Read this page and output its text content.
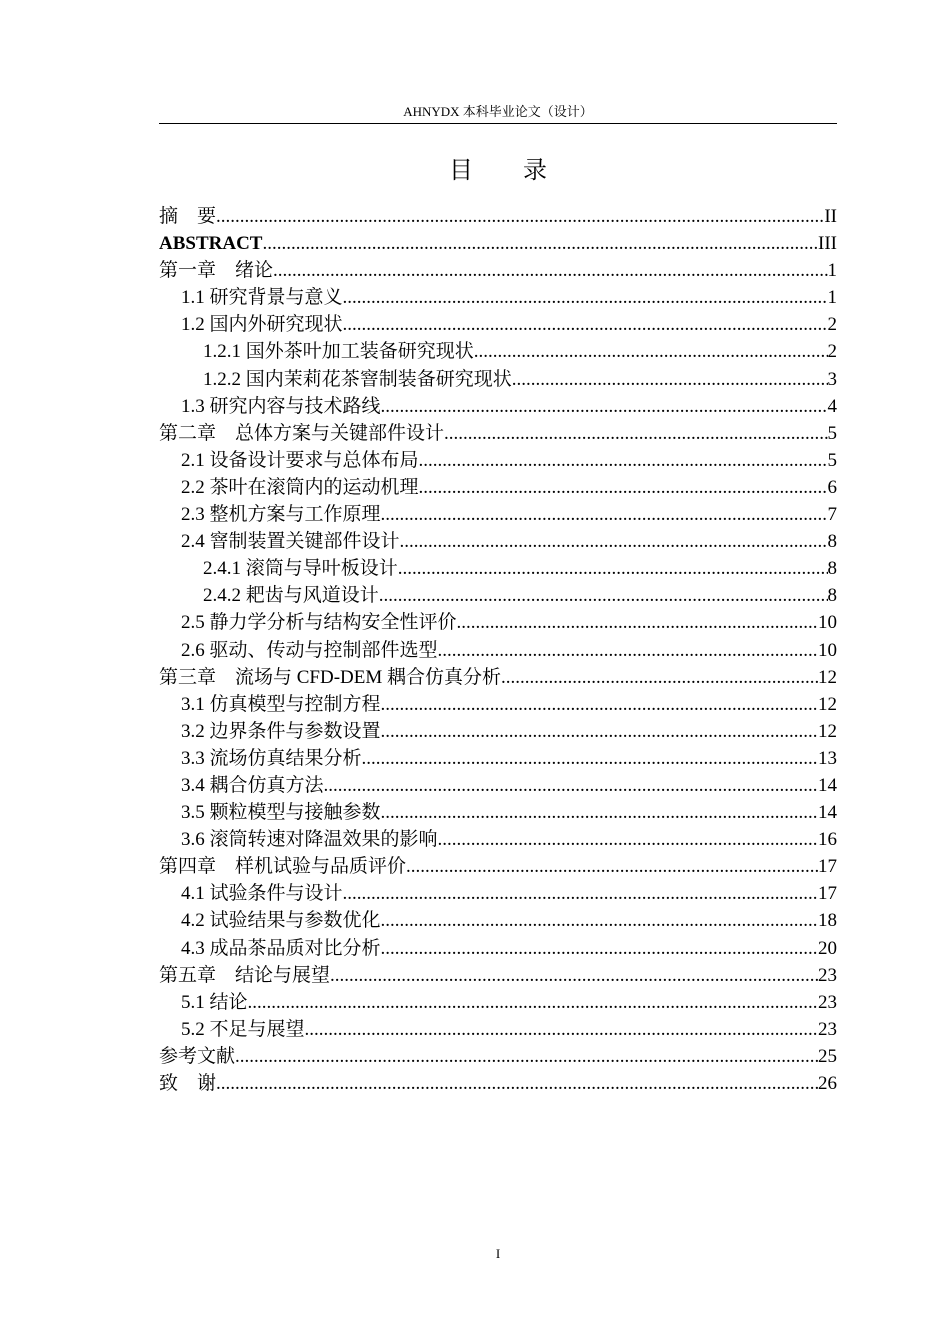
AHNYDX 本科毕业论文（设计）
目 录
摘　要 .....	II
ABSTRACT .....	III
第一章　绪论 .....	1
1.1 研究背景与意义 .....	1
1.2 国内外研究现状 .....	2
1.2.1 国外茶叶加工装备研究现状 .....	2
1.2.2 国内茉莉花茶窨制装备研究现状 .....	3
1.3 研究内容与技术路线 .....	4
第二章　总体方案与关键部件设计 .....	5
2.1 设备设计要求与总体布局 .....	5
2.2 茶叶在滚筒内的运动机理 .....	6
2.3 整机方案与工作原理 .....	7
2.4 窨制装置关键部件设计 .....	8
2.4.1 滚筒与导叶板设计 .....	8
2.4.2 耙齿与风道设计 .....	8
2.5 静力学分析与结构安全性评价 .....	10
2.6 驱动、传动与控制部件选型 .....	10
第三章　流场与 CFD-DEM 耦合仿真分析 .....	12
3.1 仿真模型与控制方程 .....	12
3.2 边界条件与参数设置 .....	12
3.3 流场仿真结果分析 .....	13
3.4 耦合仿真方法 .....	14
3.5 颗粒模型与接触参数 .....	14
3.6 滚筒转速对降温效果的影响 .....	16
第四章　样机试验与品质评价 .....	17
4.1 试验条件与设计 .....	17
4.2 试验结果与参数优化 .....	18
4.3 成品茶品质对比分析 .....	20
第五章　结论与展望 .....	23
5.1 结论 .....	23
5.2 不足与展望 .....	23
参考文献 .....	25
致　谢 .....	26
I
